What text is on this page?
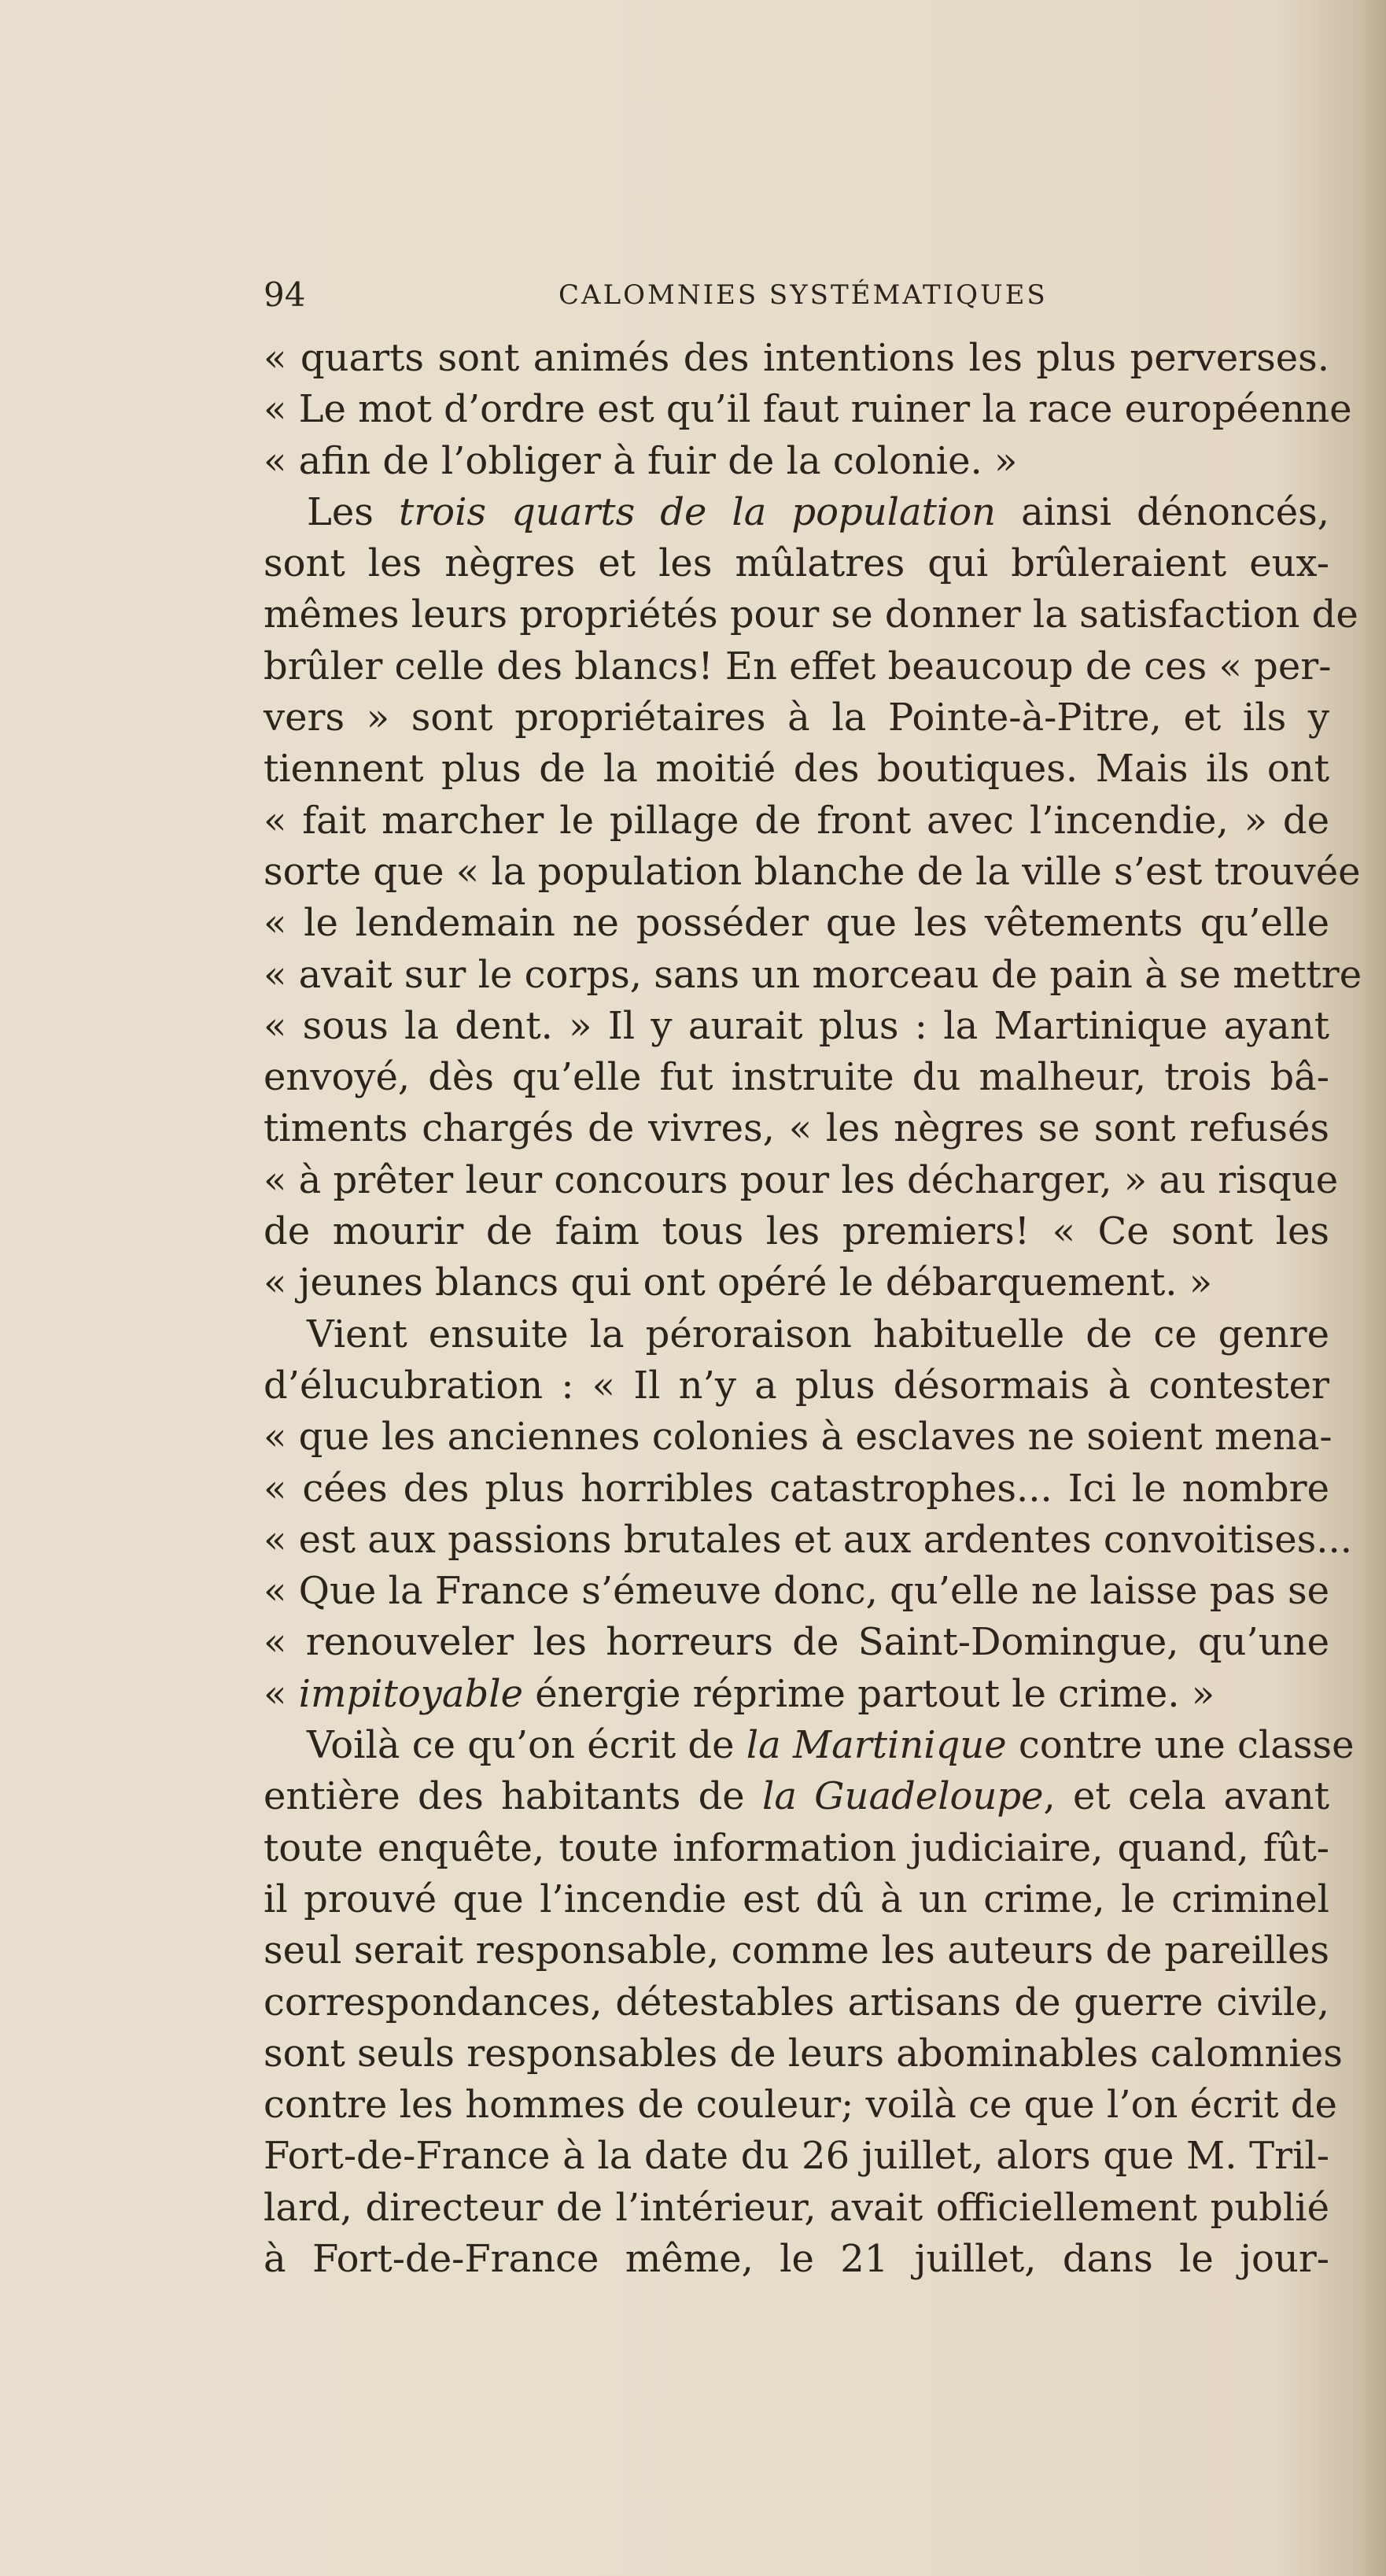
94	CALOMNIES SYSTÉMATIQUES
« quarts sont animés des intentions les plus perverses.
« Le mot d’ordre est qu’il faut ruiner la race européenne
« afin de l’obliger à fuir de la colonie. »
Les trois quarts de la population ainsi dénoncés,
sont les nègres et les mûlatres qui brûleraient eux-
mêmes leurs propriétés pour se donner la satisfaction de
brûler celle des blancs! En effet beaucoup de ces « per-
vers » sont propriétaires à la Pointe-à-Pitre, et ils y
tiennent plus de la moitié des boutiques. Mais ils ont
« fait marcher le pillage de front avec l’incendie, » de
sorte que « la population blanche de la ville s’est trouvée
« le lendemain ne posséder que les vêtements qu’elle
« avait sur le corps, sans un morceau de pain à se mettre
« sous la dent. » Il y aurait plus : la Martinique ayant
envoyé, dès qu’elle fut instruite du malheur, trois bâ-
timents chargés de vivres, « les nègres se sont refusés
« à prêter leur concours pour les décharger, » au risque
de mourir de faim tous les premiers! « Ce sont les
« jeunes blancs qui ont opéré le débarquement. »
Vient ensuite la péroraison habituelle de ce genre
d’élucubration : « Il n’y a plus désormais à contester
« que les anciennes colonies à esclaves ne soient mena-
« cées des plus horribles catastrophes... Ici le nombre
« est aux passions brutales et aux ardentes convoitises...
« Que la France s’émeuve donc, qu’elle ne laisse pas se
« renouveler les horreurs de Saint-Domingue, qu’une
« impitoyable énergie réprime partout le crime. »
Voilà ce qu’on écrit de la Martinique contre une classe
entière des habitants de la Guadeloupe, et cela avant
toute enquête, toute information judiciaire, quand, fût-
il prouvé que l’incendie est dû à un crime, le criminel
seul serait responsable, comme les auteurs de pareilles
correspondances, détestables artisans de guerre civile,
sont seuls responsables de leurs abominables calomnies
contre les hommes de couleur; voilà ce que l’on écrit de
Fort-de-France à la date du 26 juillet, alors que M. Tril-
lard, directeur de l’intérieur, avait officiellement publié
à Fort-de-France même, le 21 juillet, dans le jour-
